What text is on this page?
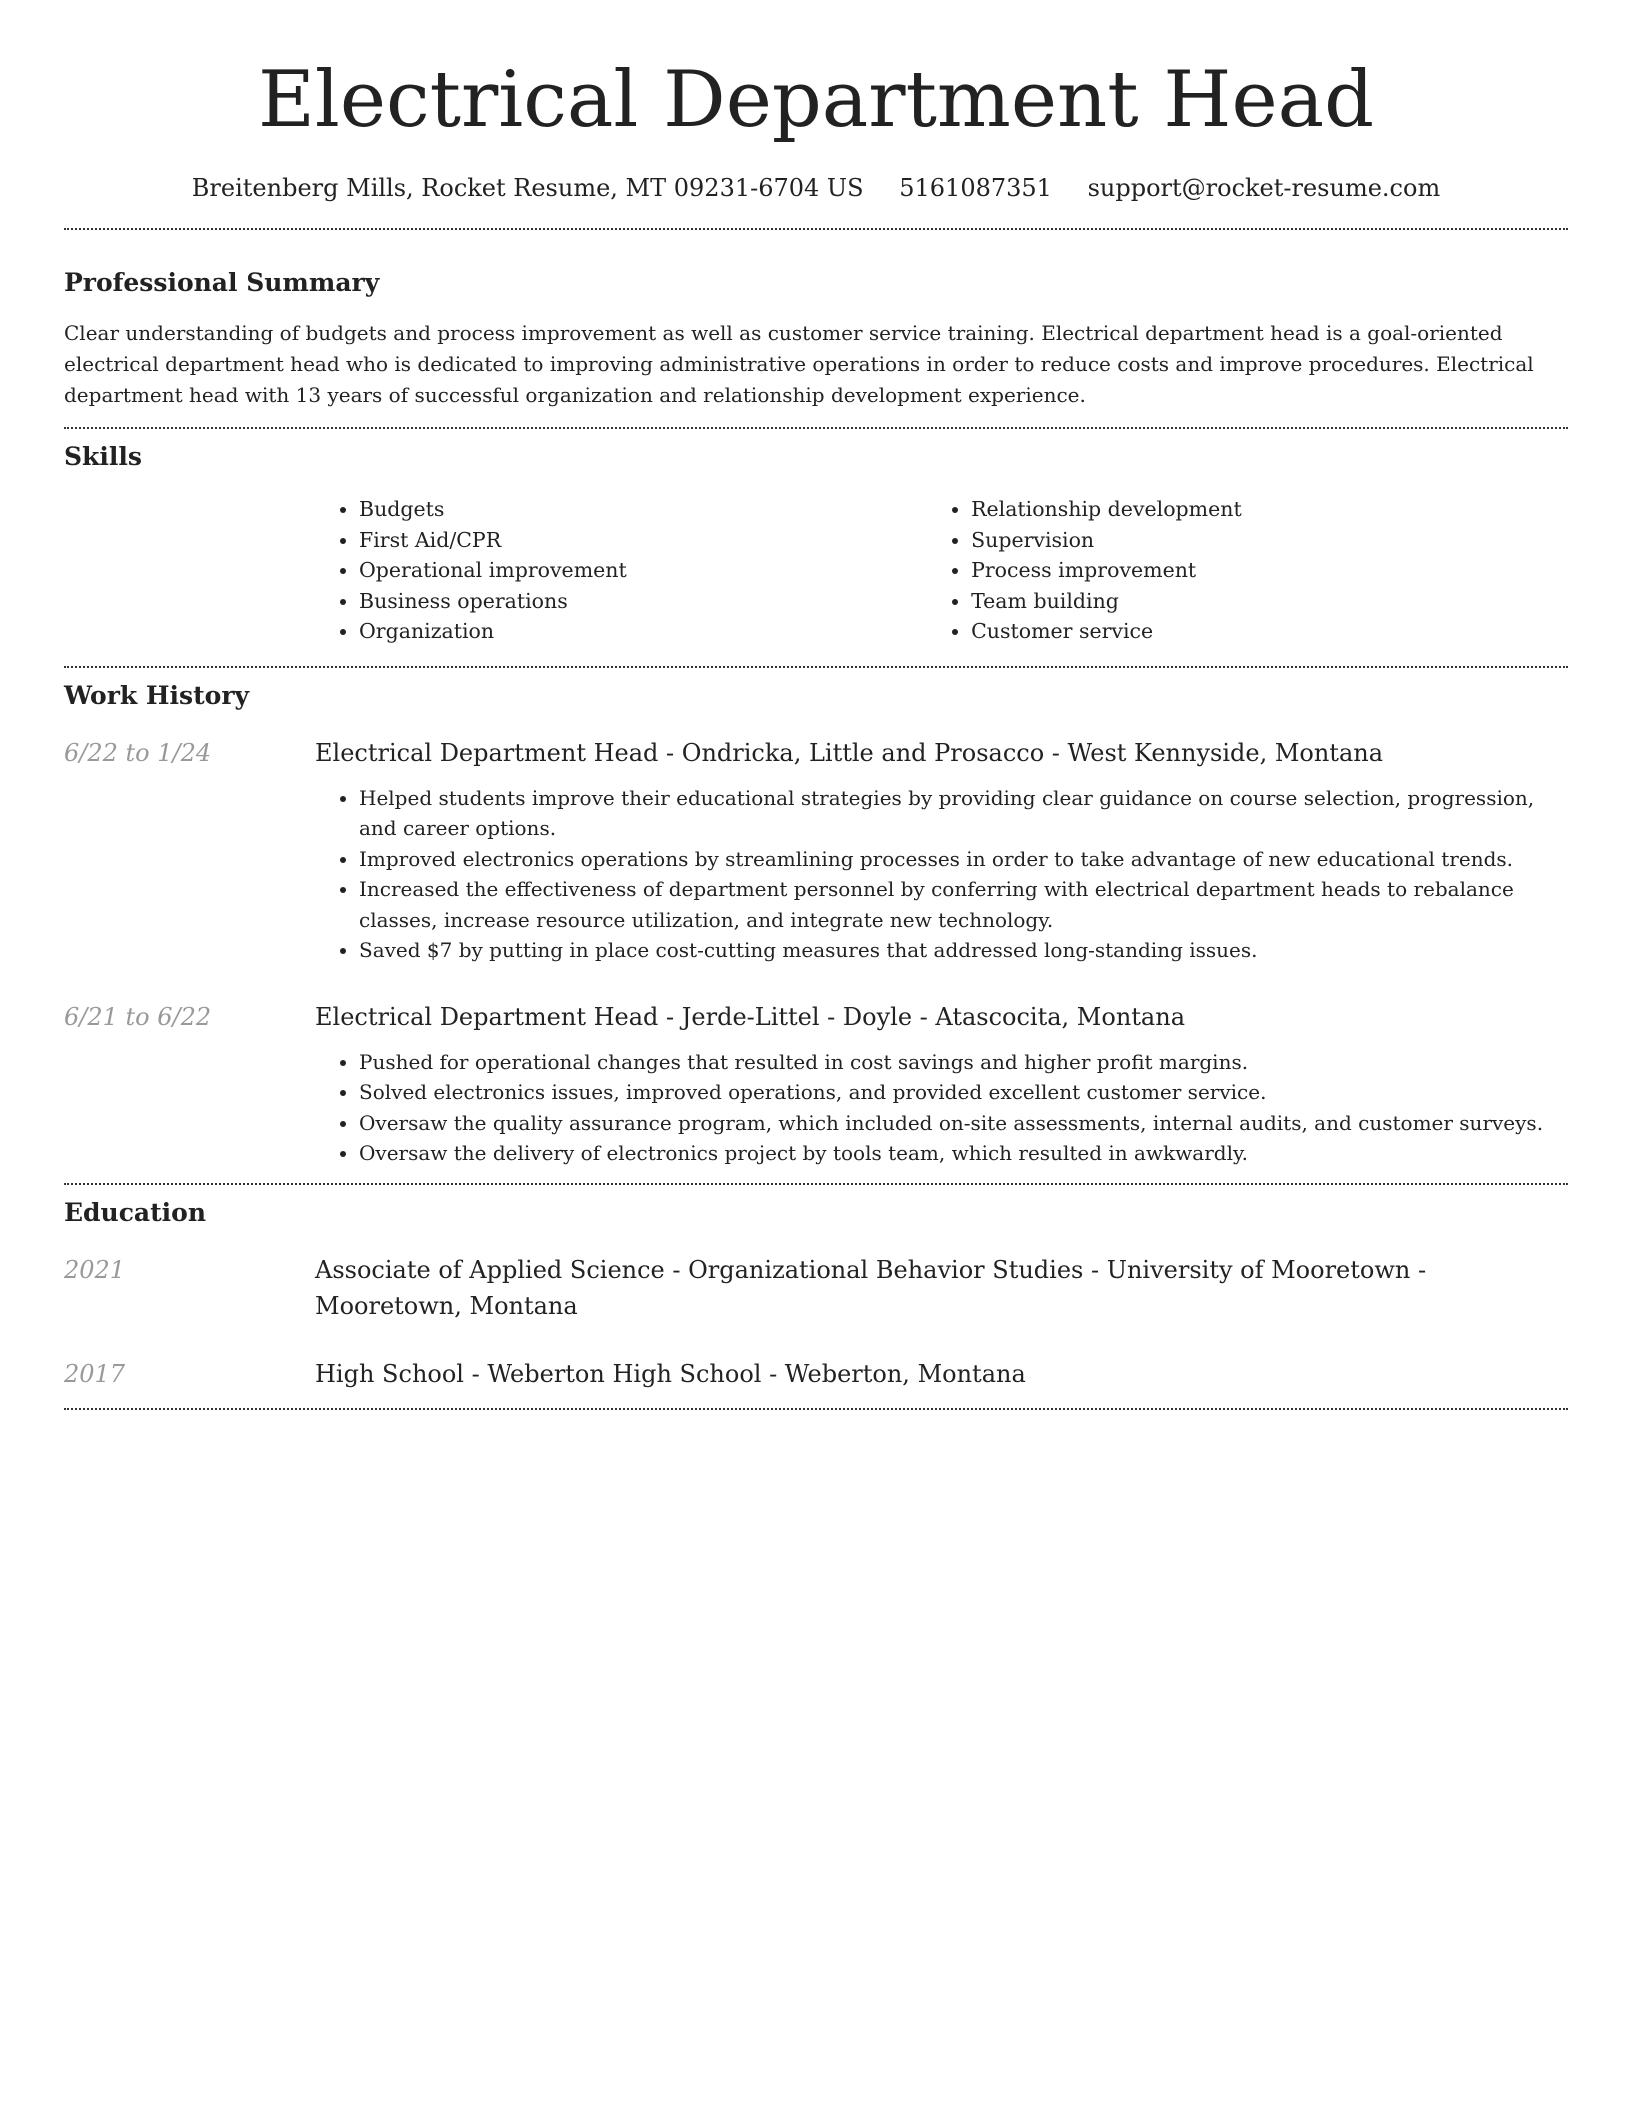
Electrical Department Head
Breitenberg Mills, Rocket Resume, MT 09231-6704 US 5161087351 support@rocket-resume.com
Professional Summary

Clear understanding of budgets and process improvement as well as customer service training. Electrical department head is a goal-oriented electrical department head who is dedicated to improving administrative operations in order to reduce costs and improve procedures. Electrical department head with 13 years of successful organization and relationship development experience.

Skills
• Budgets
• First Aid/CPR
• Operational improvement
• Business operations
• Organization
• Relationship development
• Supervision
• Process improvement
• Team building
• Customer service
Work History
6/22 to 1/24	Electrical Department Head - Ondricka, Little and Prosacco - West Kennyside, Montana
• Helped students improve their educational strategies by providing clear guidance on course selection, progression, and career options.
• Improved electronics operations by streamlining processes in order to take advantage of new educational trends.
• Increased the effectiveness of department personnel by conferring with electrical department heads to rebalance classes, increase resource utilization, and integrate new technology.
• Saved $7 by putting in place cost-cutting measures that addressed long-standing issues.
6/21 to 6/22	Electrical Department Head - Jerde-Littel - Doyle - Atascocita, Montana
• Pushed for operational changes that resulted in cost savings and higher profit margins.
• Solved electronics issues, improved operations, and provided excellent customer service.
• Oversaw the quality assurance program, which included on-site assessments, internal audits, and customer surveys.
• Oversaw the delivery of electronics project by tools team, which resulted in awkwardly.
Education
2021	Associate of Applied Science - Organizational Behavior Studies - University of Mooretown - Mooretown, Montana
2017	High School - Weberton High School - Weberton, Montana
